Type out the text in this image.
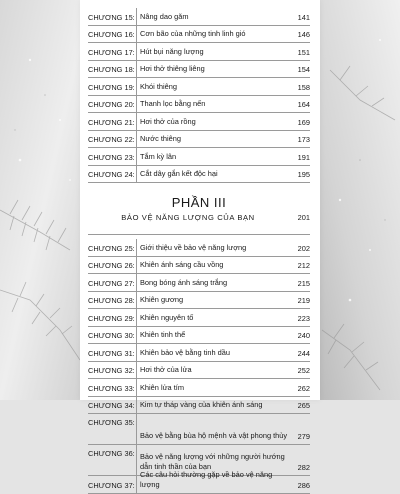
CHƯƠNG 15: Nâng dao găm	141
CHƯƠNG 16: Cơn bão của những tinh linh gió	146
CHƯƠNG 17: Hút bụi năng lượng	151
CHƯƠNG 18: Hơi thở thiêng liêng	154
CHƯƠNG 19: Khói thiêng	158
CHƯƠNG 20: Thanh lọc bằng nến	164
CHƯƠNG 21: Hơi thở của rồng	169
CHƯƠNG 22: Nước thiêng	173
CHƯƠNG 23: Tắm kỳ lân	191
CHƯƠNG 24: Cắt dây gắn kết độc hại	195
PHẦN III
BẢO VỆ NĂNG LƯỢNG CỦA BẠN	201
CHƯƠNG 25: Giới thiệu về bảo vệ năng lượng	202
CHƯƠNG 26: Khiên ánh sáng cầu vồng	212
CHƯƠNG 27: Bong bóng ánh sáng trắng	215
CHƯƠNG 28: Khiên gương	219
CHƯƠNG 29: Khiên nguyên tố	223
CHƯƠNG 30: Khiên tinh thể	240
CHƯƠNG 31: Khiên bảo vệ bằng tinh dầu	244
CHƯƠNG 32: Hơi thở của lửa	252
CHƯƠNG 33: Khiên lửa tím	262
CHƯƠNG 34: Kim tự tháp vàng của khiên ánh sáng	265
CHƯƠNG 35:
Bảo vệ bằng bùa hộ mệnh và vật phong thủy	279
CHƯƠNG 36: Bảo vệ năng lượng với những người hướng dẫn tinh thần của bạn	282
CHƯƠNG 37:
Các câu hỏi thường gặp về bảo vệ năng lượng	286
